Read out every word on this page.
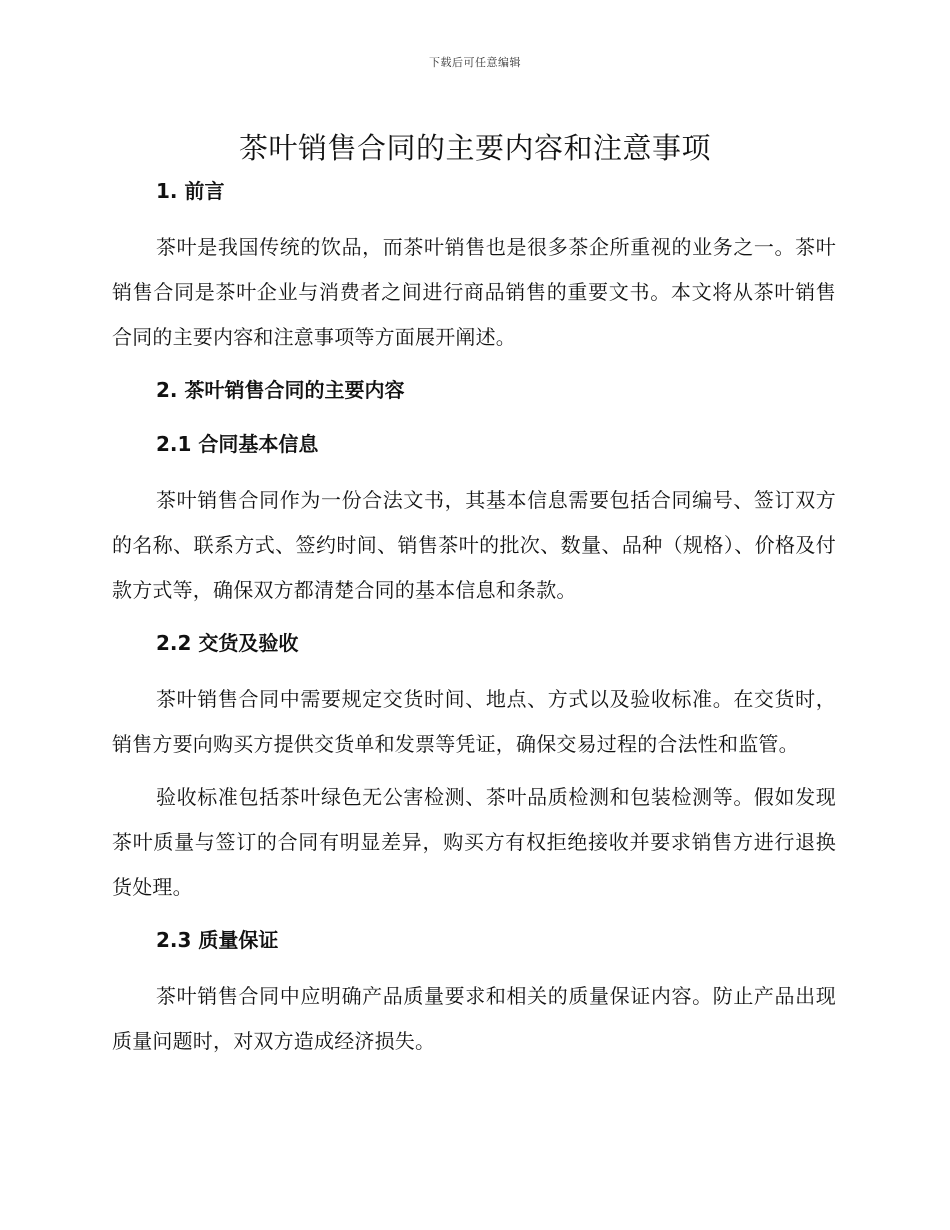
下载后可任意编辑
茶叶销售合同的主要内容和注意事项
1. 前言

茶叶是我国传统的饮品，而茶叶销售也是很多茶企所重视的业务之一。茶叶销售合同是茶叶企业与消费者之间进行商品销售的重要文书。本文将从茶叶销售合同的主要内容和注意事项等方面展开阐述。

2. 茶叶销售合同的主要内容
2.1 合同基本信息

茶叶销售合同作为一份合法文书，其基本信息需要包括合同编号、签订双方的名称、联系方式、签约时间、销售茶叶的批次、数量、品种（规格）、价格及付款方式等，确保双方都清楚合同的基本信息和条款。

2.2 交货及验收

茶叶销售合同中需要规定交货时间、地点、方式以及验收标准。在交货时，销售方要向购买方提供交货单和发票等凭证，确保交易过程的合法性和监管。

验收标准包括茶叶绿色无公害检测、茶叶品质检测和包装检测等。假如发现茶叶质量与签订的合同有明显差异，购买方有权拒绝接收并要求销售方进行退换货处理。

2.3 质量保证

茶叶销售合同中应明确产品质量要求和相关的质量保证内容。防止产品出现质量问题时，对双方造成经济损失。
